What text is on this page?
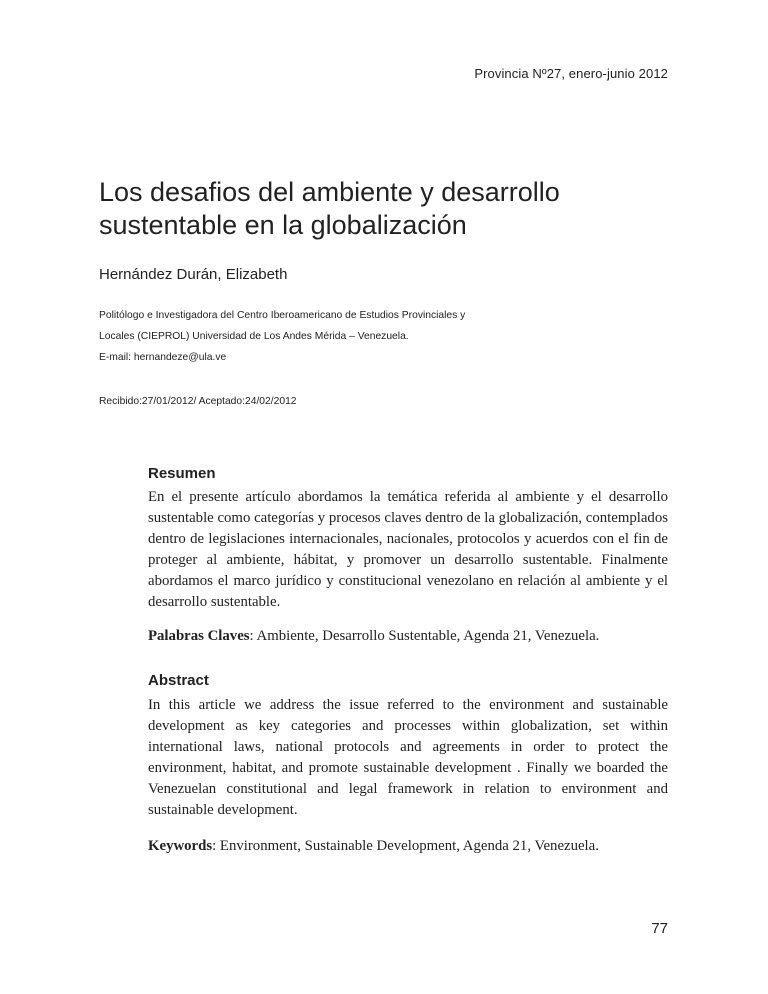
Provincia Nº27, enero-junio 2012
Los desafios del ambiente y desarrollo sustentable en la globalización
Hernández Durán, Elizabeth
Politólogo e Investigadora del Centro Iberoamericano de Estudios Provinciales y
Locales (CIEPROL) Universidad de Los Andes Mérida – Venezuela.
E-mail: hernandeze@ula.ve
Recibido:27/01/2012/ Aceptado:24/02/2012
Resumen

En el presente artículo abordamos la temática referida al ambiente y el desarrollo sustentable como categorías y procesos claves dentro de la globalización, contemplados dentro de legislaciones internacionales, nacionales, protocolos y acuerdos con el fin de proteger al ambiente, hábitat, y promover un desarrollo sustentable. Finalmente abordamos el marco jurídico y constitucional venezolano en relación al ambiente y el desarrollo sustentable.

Palabras Claves: Ambiente, Desarrollo Sustentable, Agenda 21, Venezuela.

Abstract

In this article we address the issue referred to the environment and sustainable development as key categories and processes within globalization, set within international laws, national protocols and agreements in order to protect the environment, habitat, and promote sustainable development . Finally we boarded the Venezuelan constitutional and legal framework in relation to environment and sustainable development.

Keywords: Environment, Sustainable Development, Agenda 21, Venezuela.

77
